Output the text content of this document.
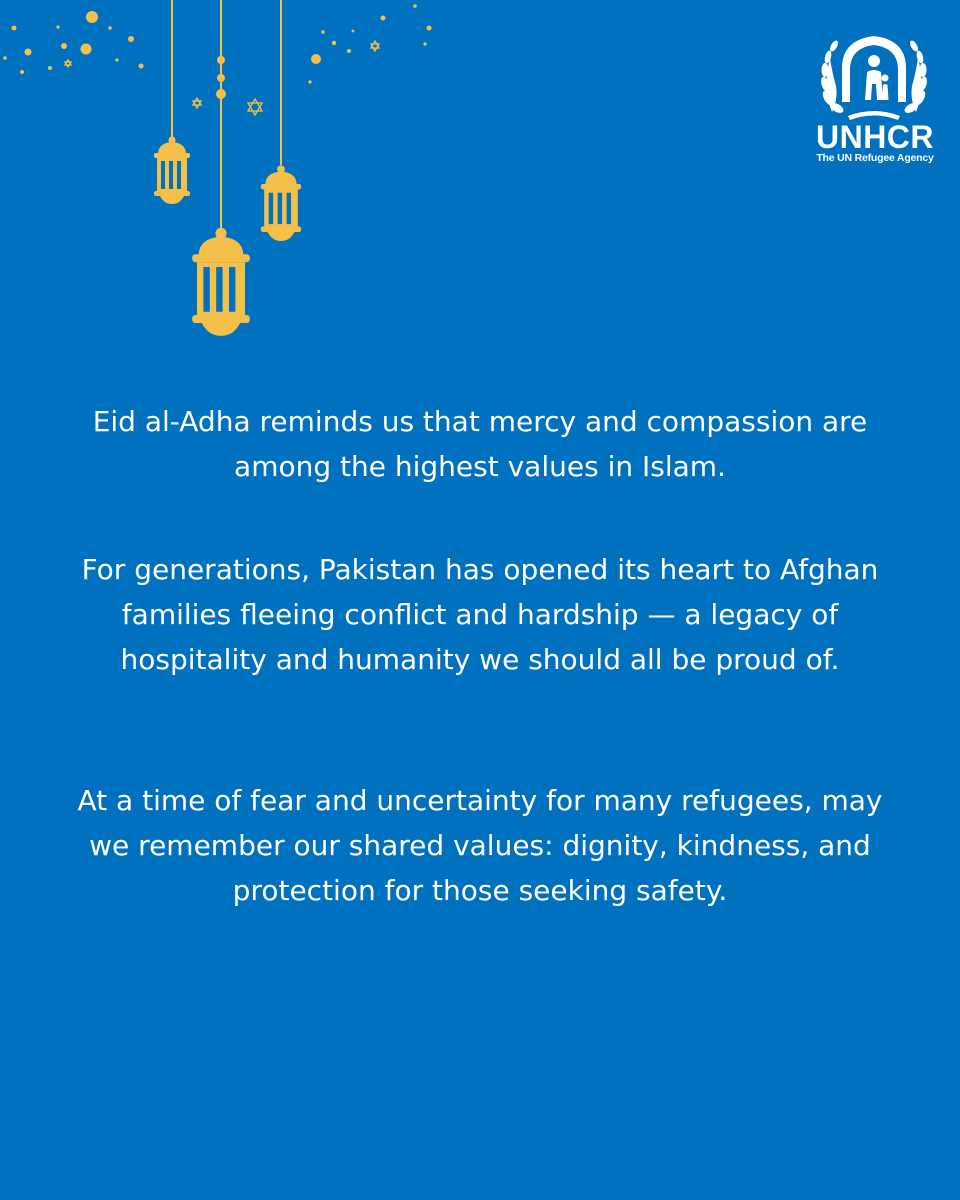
UNHCR
The UN Refugee Agency

Eid al-Adha reminds us that mercy and compassion are among the highest values in Islam.

For generations, Pakistan has opened its heart to Afghan families fleeing conflict and hardship — a legacy of hospitality and humanity we should all be proud of.

At a time of fear and uncertainty for many refugees, may we remember our shared values: dignity, kindness, and protection for those seeking safety.
